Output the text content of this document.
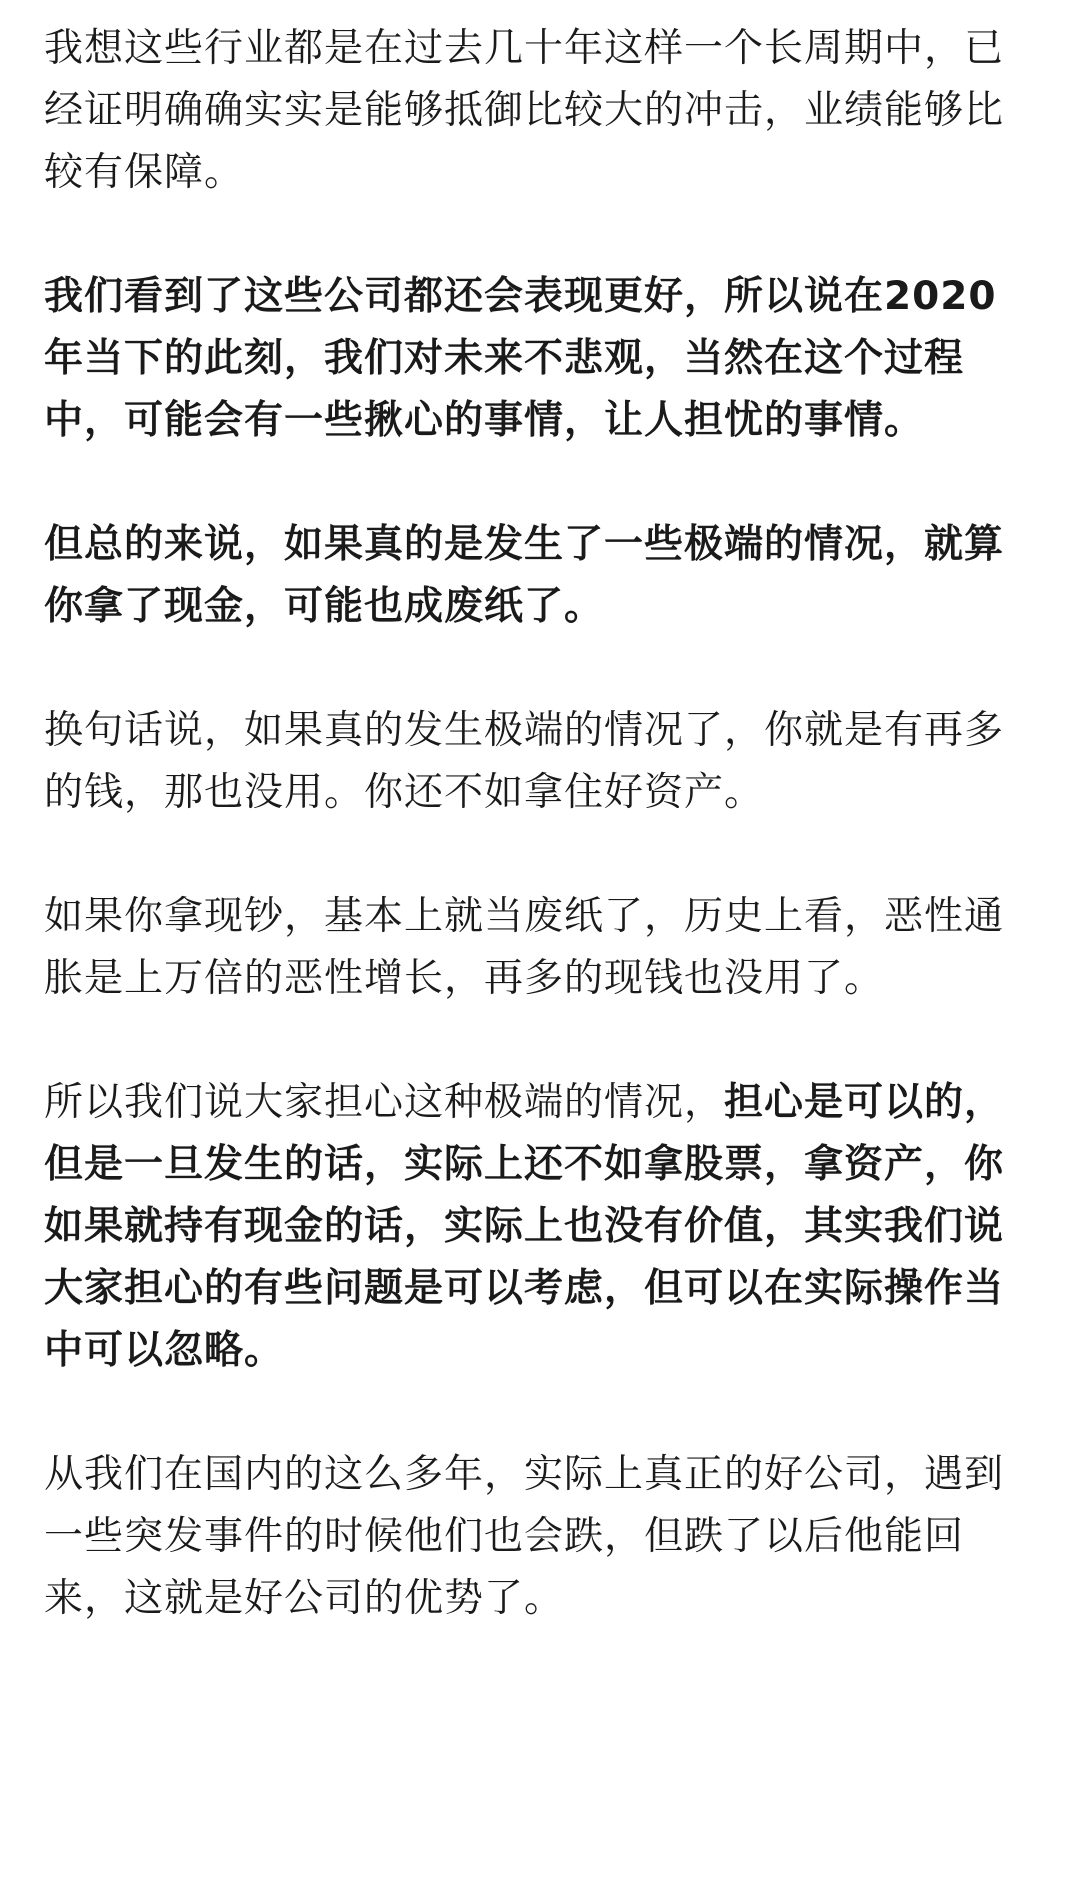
我想这些行业都是在过去几十年这样一个长周期中，已经证明确确实实是能够抵御比较大的冲击，业绩能够比较有保障。

我们看到了这些公司都还会表现更好，所以说在2020年当下的此刻，我们对未来不悲观，当然在这个过程中，可能会有一些揪心的事情，让人担忧的事情。

但总的来说，如果真的是发生了一些极端的情况，就算你拿了现金，可能也成废纸了。

换句话说，如果真的发生极端的情况了，你就是有再多的钱，那也没用。你还不如拿住好资产。

如果你拿现钞，基本上就当废纸了，历史上看，恶性通胀是上万倍的恶性增长，再多的现钱也没用了。

所以我们说大家担心这种极端的情况，担心是可以的，但是一旦发生的话，实际上还不如拿股票，拿资产，你如果就持有现金的话，实际上也没有价值，其实我们说大家担心的有些问题是可以考虑，但可以在实际操作当中可以忽略。

从我们在国内的这么多年，实际上真正的好公司，遇到一些突发事件的时候他们也会跌，但跌了以后他能回来，这就是好公司的优势了。
